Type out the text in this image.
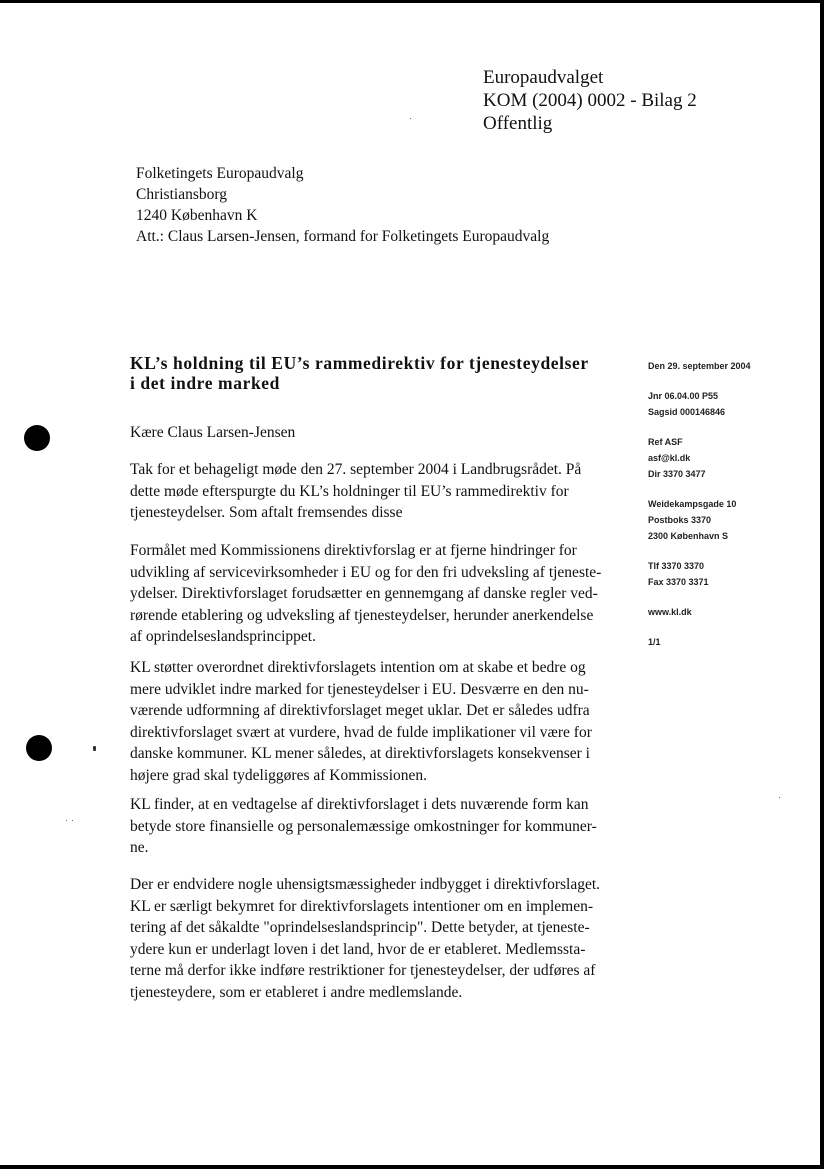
Europaudvalget
KOM (2004) 0002 - Bilag 2
Offentlig
Folketingets Europaudvalg
Christiansborg
1240 København K
Att.: Claus Larsen-Jensen, formand for Folketingets Europaudvalg
KL’s holdning til EU’s rammedirektiv for tjenesteydelser
i det indre marked
Kære Claus Larsen-Jensen
Tak for et behageligt møde den 27. september 2004 i Landbrugsrådet. På
dette møde efterspurgte du KL’s holdninger til EU’s rammedirektiv for
tjenesteydelser. Som aftalt fremsendes disse
Formålet med Kommissionens direktivforslag er at fjerne hindringer for
udvikling af servicevirksomheder i EU og for den fri udveksling af tjeneste-
ydelser. Direktivforslaget forudsætter en gennemgang af danske regler ved-
rørende etablering og udveksling af tjenesteydelser, herunder anerkendelse
af oprindelseslandsprincippet.
KL støtter overordnet direktivforslagets intention om at skabe et bedre og
mere udviklet indre marked for tjenesteydelser i EU. Desværre en den nu-
værende udformning af direktivforslaget meget uklar. Det er således udfra
direktivforslaget svært at vurdere, hvad de fulde implikationer vil være for
danske kommuner. KL mener således, at direktivforslagets konsekvenser i
højere grad skal tydeliggøres af Kommissionen.
KL finder, at en vedtagelse af direktivforslaget i dets nuværende form kan
betyde store finansielle og personalemæssige omkostninger for kommuner-
ne.
Der er endvidere nogle uhensigtsmæssigheder indbygget i direktivforslaget.
KL er særligt bekymret for direktivforslagets intentioner om en implemen-
tering af det såkaldte "oprindelseslandsprincip". Dette betyder, at tjeneste-
ydere kun er underlagt loven i det land, hvor de er etableret. Medlemssta-
terne må derfor ikke indføre restriktioner for tjenesteydelser, der udføres af
tjenesteydere, som er etableret i andre medlemslande.
Den 29. september 2004
Jnr 06.04.00 P55
Sagsid 000146846
Ref ASF
asf@kl.dk
Dir 3370 3477
Weidekampsgade 10
Postboks 3370
2300 København S
Tlf 3370 3370
Fax 3370 3371
www.kl.dk
1/1
